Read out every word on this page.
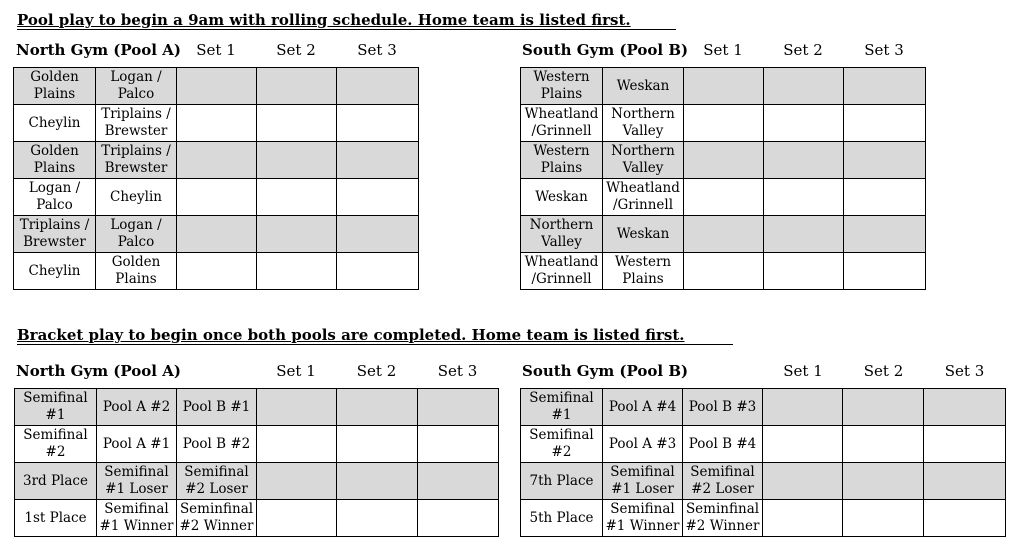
Pool play to begin a 9am with rolling schedule. Home team is listed first.
North Gym (Pool A)	Set 1	Set 2	Set 3
Golden Plains	Logan / Palco			

Cheylin	Triplains / Brewster			

Golden Plains	Triplains / Brewster			

Logan / Palco	Cheylin			

Triplains / Brewster	Logan / Palco			

Cheylin	Golden Plains			

South Gym (Pool B)	Set 1	Set 2	Set 3
Western Plains	Weskan			

Wheatland /Grinnell	Northern Valley			

Western Plains	Northern Valley			

Weskan	Wheatland /Grinnell			

Northern Valley	Weskan			

Wheatland /Grinnell	Western Plains			

Bracket play to begin once both pools are completed. Home team is listed first.
North Gym (Pool A)	Set 1	Set 2	Set 3
Semifinal #1	Pool A #2	Pool B #1			

Semifinal #2	Pool A #1	Pool B #2			

3rd Place	Semifinal #1 Loser	Semifinal #2 Loser			

1st Place	Semifinal #1 Winner	Seminfinal #2 Winner			

South Gym (Pool B)	Set 1	Set 2	Set 3
Semifinal #1	Pool A #4	Pool B #3			

Semifinal #2	Pool A #3	Pool B #4			

7th Place	Semifinal #1 Loser	Semifinal #2 Loser			

5th Place	Semifinal #1 Winner	Seminfinal #2 Winner			
